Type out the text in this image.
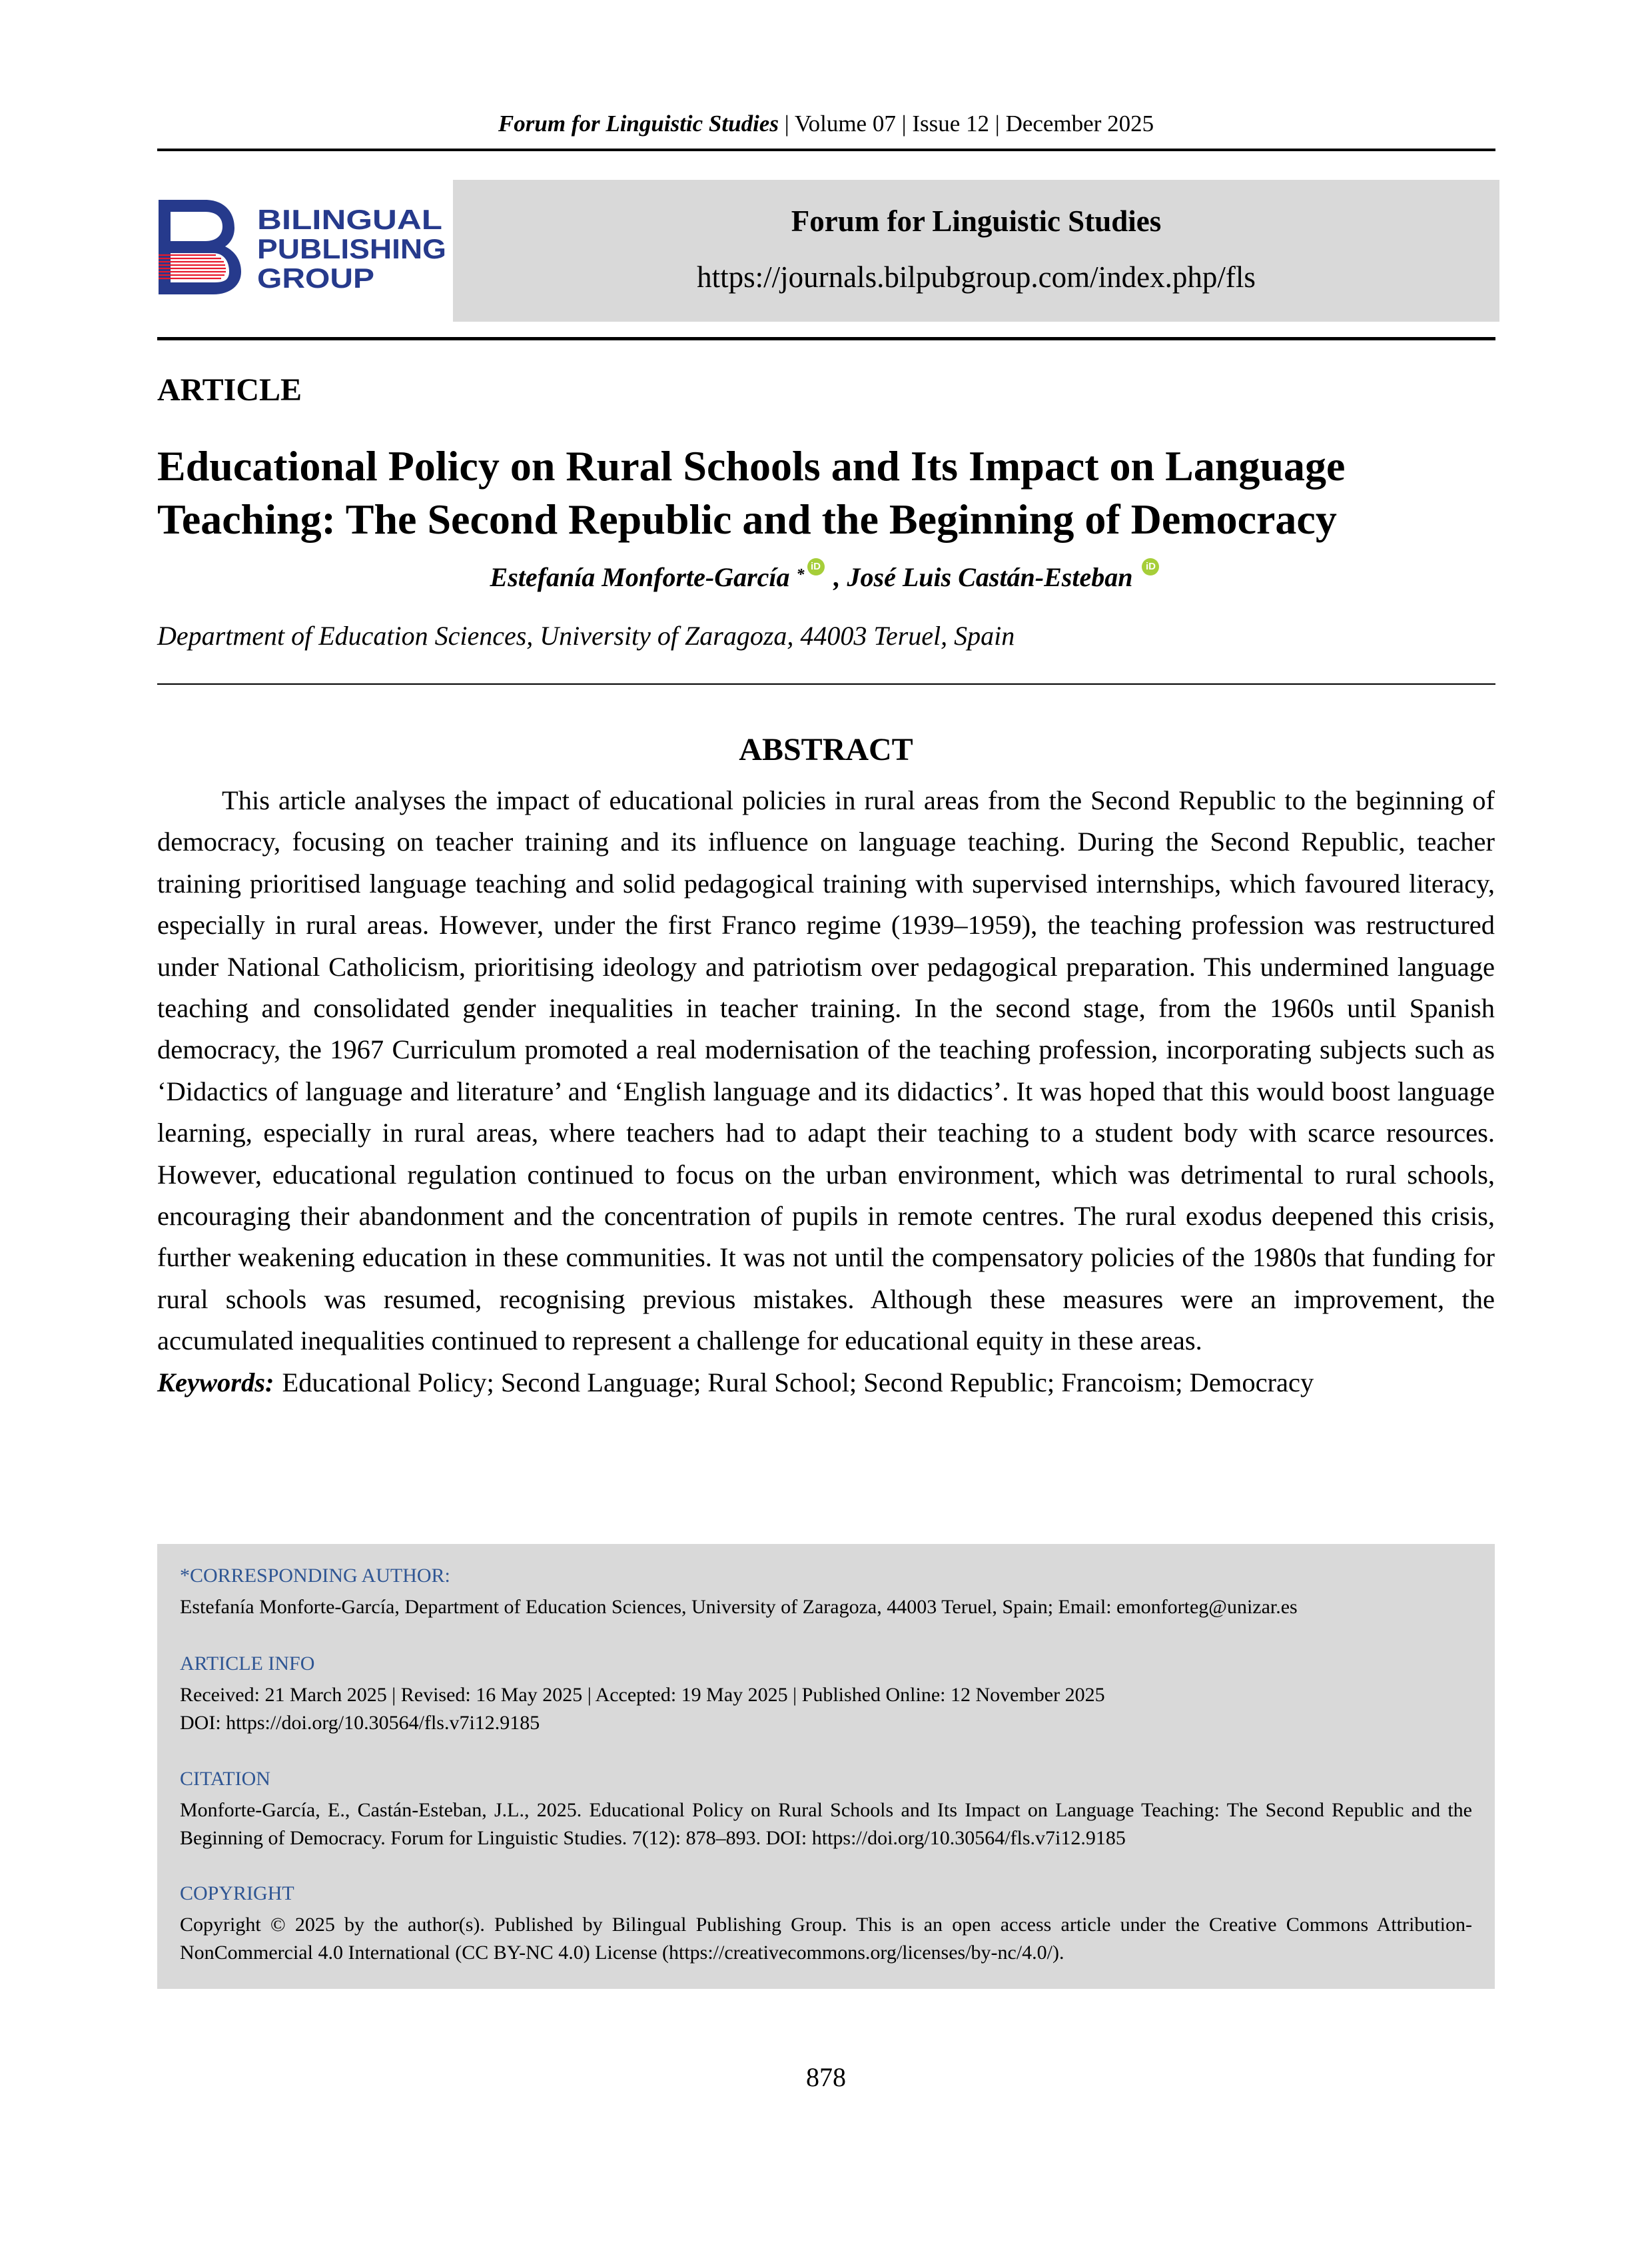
Forum for Linguistic Studies | Volume 07 | Issue 12 | December 2025
BILINGUAL
PUBLISHING
GROUP
Forum for Linguistic Studies
https://journals.bilpubgroup.com/index.php/fls
ARTICLE
Educational Policy on Rural Schools and Its Impact on Language
Teaching: The Second Republic and the Beginning of Democracy
Estefanía Monforte-García * iD , José Luis Castán-Esteban iD
Department of Education Sciences, University of Zaragoza, 44003 Teruel, Spain
ABSTRACT
This article analyses the impact of educational policies in rural areas from the Second Republic to the beginning of democracy, focusing on teacher training and its influence on language teaching. During the Second Republic, teacher training prioritised language teaching and solid pedagogical training with supervised internships, which favoured literacy, especially in rural areas. However, under the first Franco regime (1939–1959), the teaching profession was restructured under National Catholicism, prioritising ideology and patriotism over pedagogical preparation. This undermined language teaching and consolidated gender inequalities in teacher training. In the second stage, from the 1960s until Spanish democracy, the 1967 Curriculum promoted a real modernisation of the teaching profession, incorporating subjects such as ‘Didactics of language and literature’ and ‘English language and its didactics’. It was hoped that this would boost language learning, especially in rural areas, where teachers had to adapt their teaching to a student body with scarce resources. However, educational regulation continued to focus on the urban environment, which was detrimental to rural schools, encouraging their abandonment and the concentration of pupils in remote centres. The rural exodus deepened this crisis, further weakening education in these communities. It was not until the compensatory policies of the 1980s that funding for rural schools was resumed, recognising previous mistakes. Although these measures were an improvement, the accumulated inequalities continued to represent a challenge for educational equity in these areas.
Keywords: Educational Policy; Second Language; Rural School; Second Republic; Francoism; Democracy
*CORRESPONDING AUTHOR:
Estefanía Monforte-García, Department of Education Sciences, University of Zaragoza, 44003 Teruel, Spain; Email: emonforteg@unizar.es
ARTICLE INFO
Received: 21 March 2025 | Revised: 16 May 2025 | Accepted: 19 May 2025 | Published Online: 12 November 2025
DOI: https://doi.org/10.30564/fls.v7i12.9185
CITATION
Monforte-García, E., Castán-Esteban, J.L., 2025. Educational Policy on Rural Schools and Its Impact on Language Teaching: The Second Republic and the Beginning of Democracy. Forum for Linguistic Studies. 7(12): 878–893. DOI: https://doi.org/10.30564/fls.v7i12.9185
COPYRIGHT
Copyright © 2025 by the author(s). Published by Bilingual Publishing Group. This is an open access article under the Creative Commons Attribution-NonCommercial 4.0 International (CC BY-NC 4.0) License (https://creativecommons.org/licenses/by-nc/4.0/).
878
